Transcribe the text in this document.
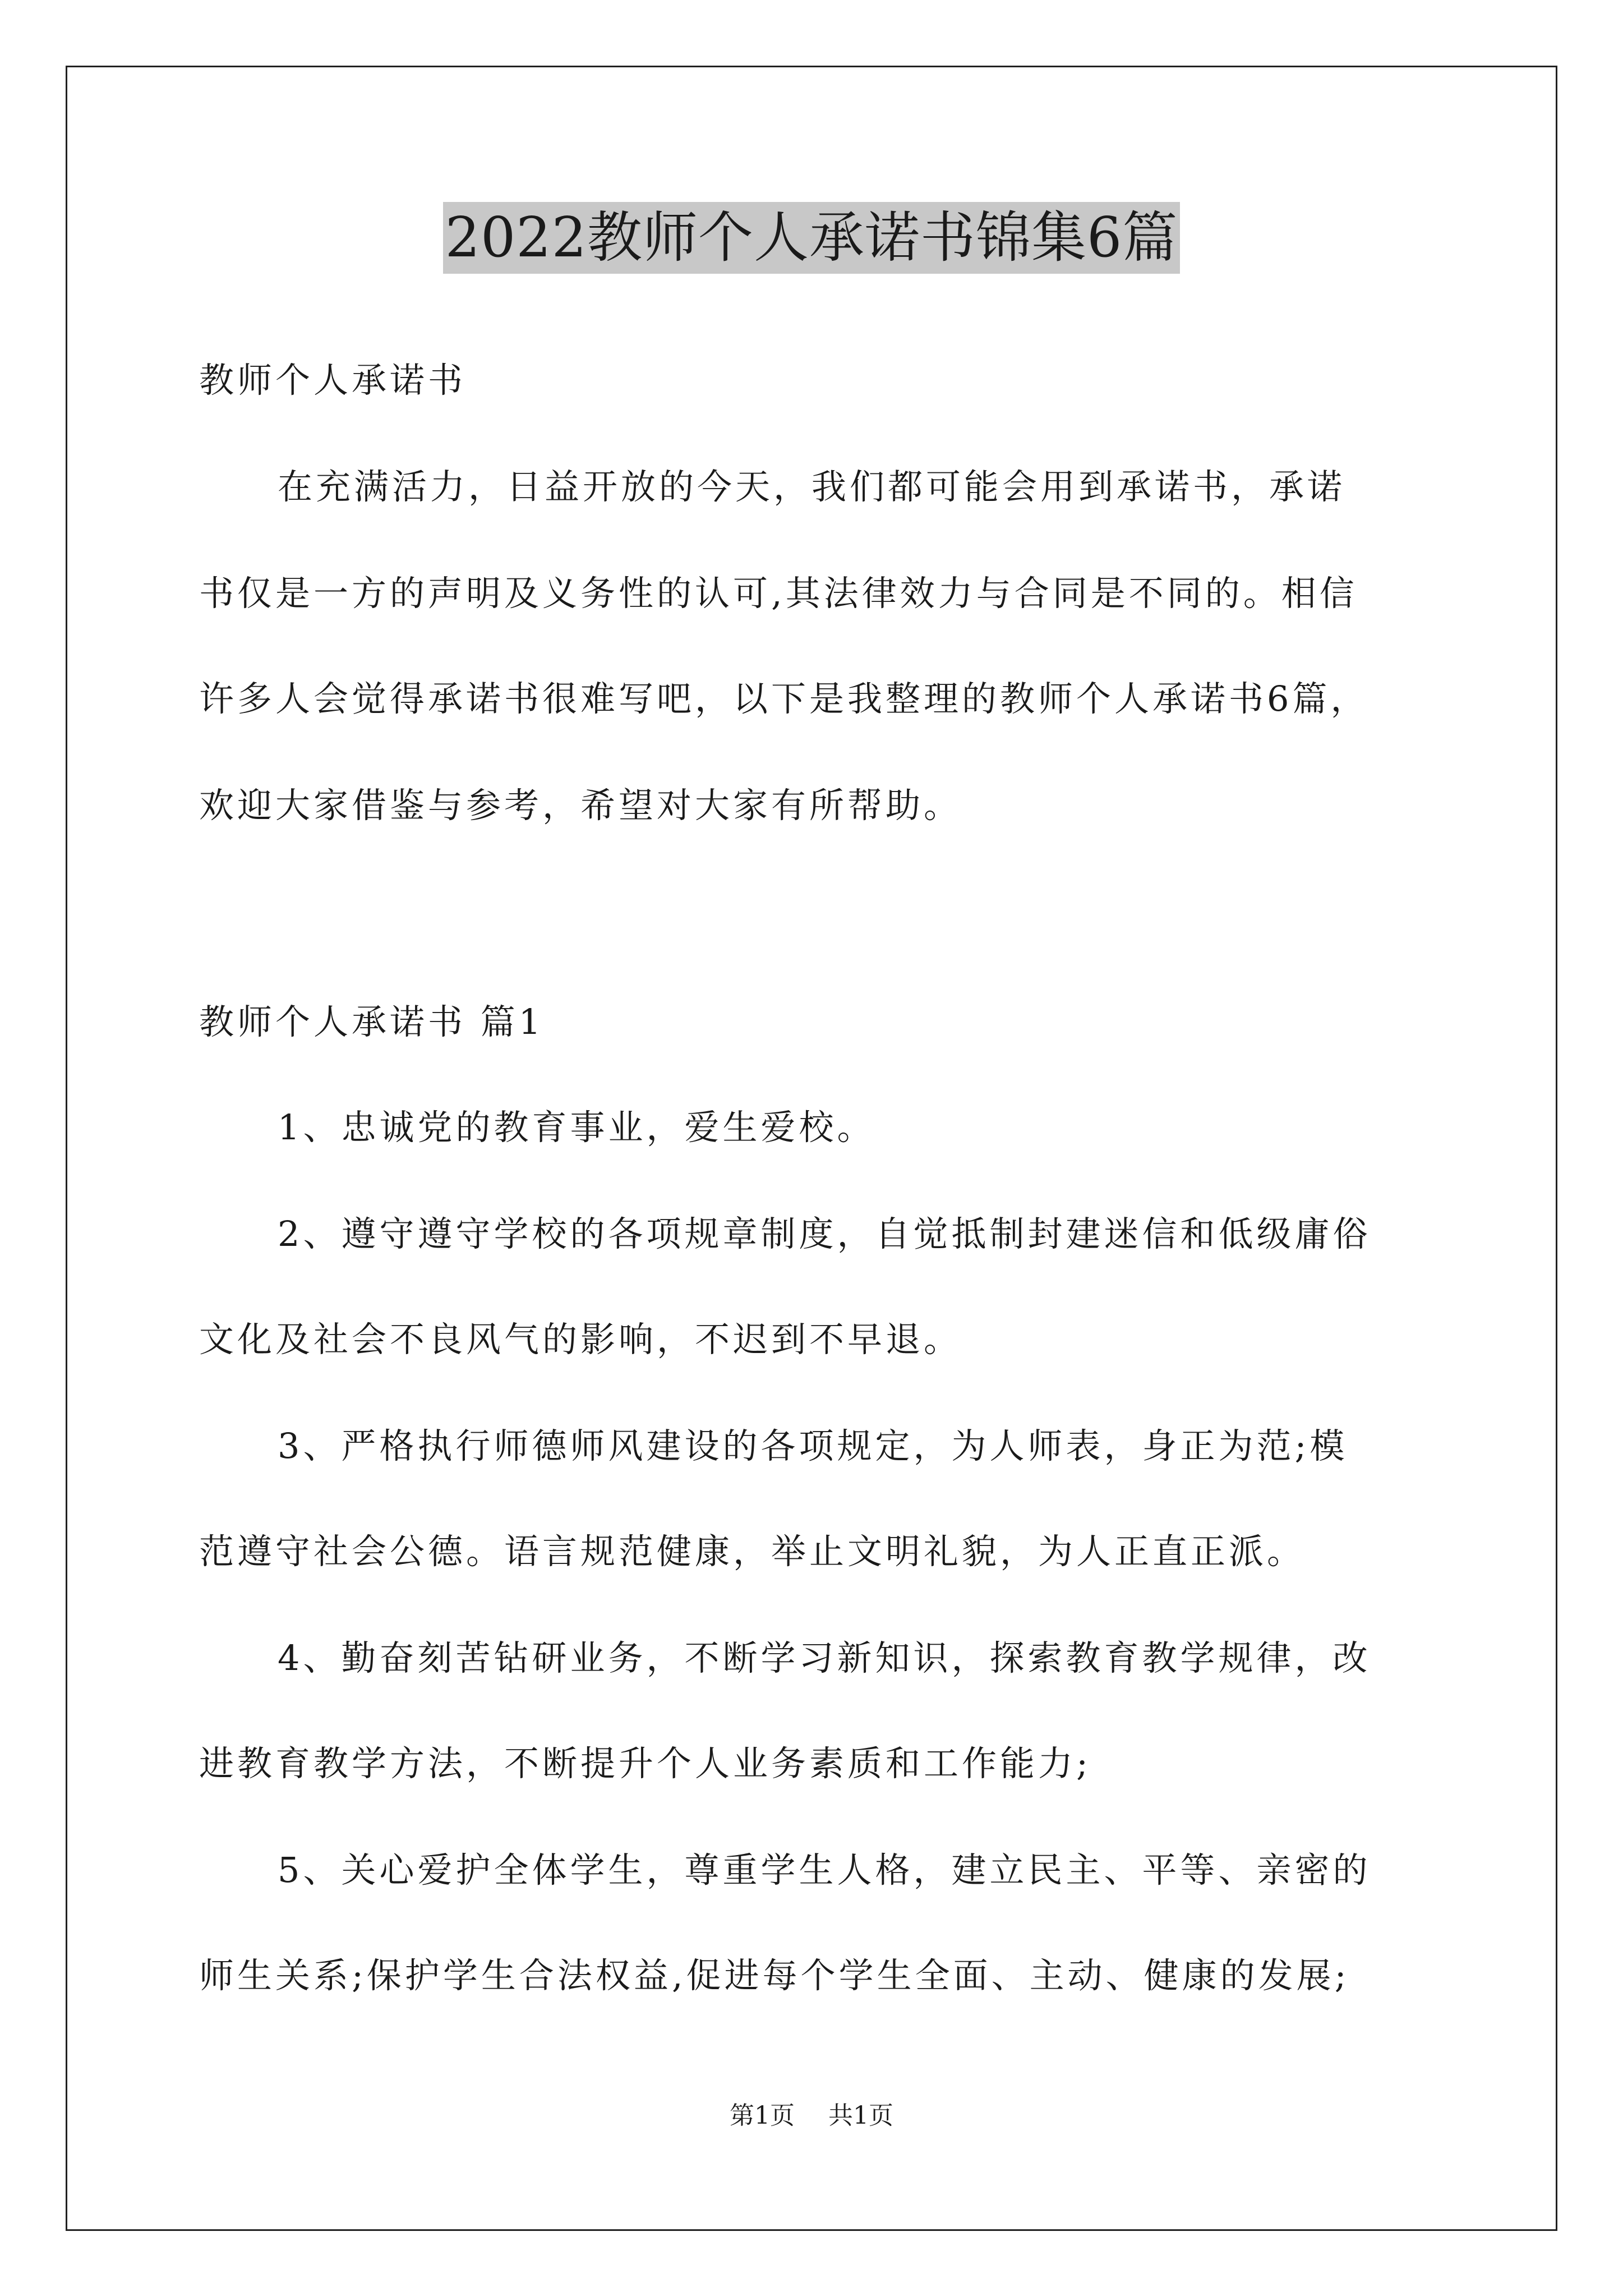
2022教师个人承诺书锦集6篇
教师个人承诺书
在充满活力，日益开放的今天，我们都可能会用到承诺书，承诺
书仅是一方的声明及义务性的认可,其法律效力与合同是不同的。相信
许多人会觉得承诺书很难写吧，以下是我整理的教师个人承诺书6篇，
欢迎大家借鉴与参考，希望对大家有所帮助。
教师个人承诺书 篇1
1、忠诚党的教育事业，爱生爱校。
2、遵守遵守学校的各项规章制度，自觉抵制封建迷信和低级庸俗
文化及社会不良风气的影响，不迟到不早退。
3、严格执行师德师风建设的各项规定，为人师表，身正为范;模
范遵守社会公德。语言规范健康，举止文明礼貌，为人正直正派。
4、勤奋刻苦钻研业务，不断学习新知识，探索教育教学规律，改
进教育教学方法，不断提升个人业务素质和工作能力;
5、关心爱护全体学生，尊重学生人格，建立民主、平等、亲密的
师生关系;保护学生合法权益,促进每个学生全面、主动、健康的发展;
第1页 共1页
